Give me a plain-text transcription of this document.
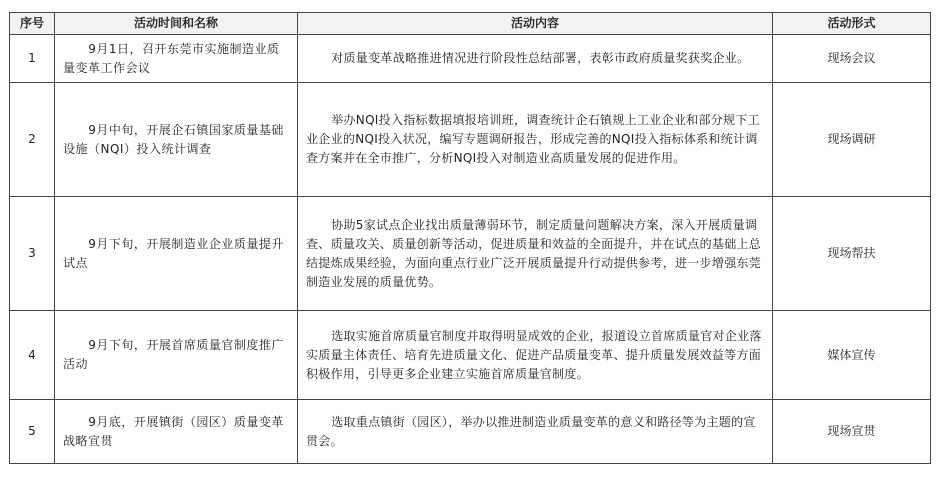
序号	活动时间和名称	活动内容	活动形式
1	9月1日，召开东莞市实施制造业质量变革工作会议	对质量变革战略推进情况进行阶段性总结部署，表彰市政府质量奖获奖企业。	现场会议
2	9月中旬，开展企石镇国家质量基础设施（NQI）投入统计调查	举办NQI投入指标数据填报培训班，调查统计企石镇规上工业企业和部分规下工业企业的NQI投入状况，编写专题调研报告，形成完善的NQI投入指标体系和统计调查方案并在全市推广，分析NQI投入对制造业高质量发展的促进作用。	现场调研
3	9月下旬，开展制造业企业质量提升试点	协助5家试点企业找出质量薄弱环节，制定质量问题解决方案，深入开展质量调查、质量攻关、质量创新等活动，促进质量和效益的全面提升，并在试点的基础上总结提炼成果经验，为面向重点行业广泛开展质量提升行动提供参考，进一步增强东莞制造业发展的质量优势。	现场帮扶
4	9月下旬，开展首席质量官制度推广活动	选取实施首席质量官制度并取得明显成效的企业，报道设立首席质量官对企业落实质量主体责任、培育先进质量文化、促进产品质量变革、提升质量发展效益等方面积极作用，引导更多企业建立实施首席质量官制度。	媒体宣传
5	9月底，开展镇街（园区）质量变革战略宣贯	选取重点镇街（园区），举办以推进制造业质量变革的意义和路径等为主题的宣贯会。	现场宣贯
